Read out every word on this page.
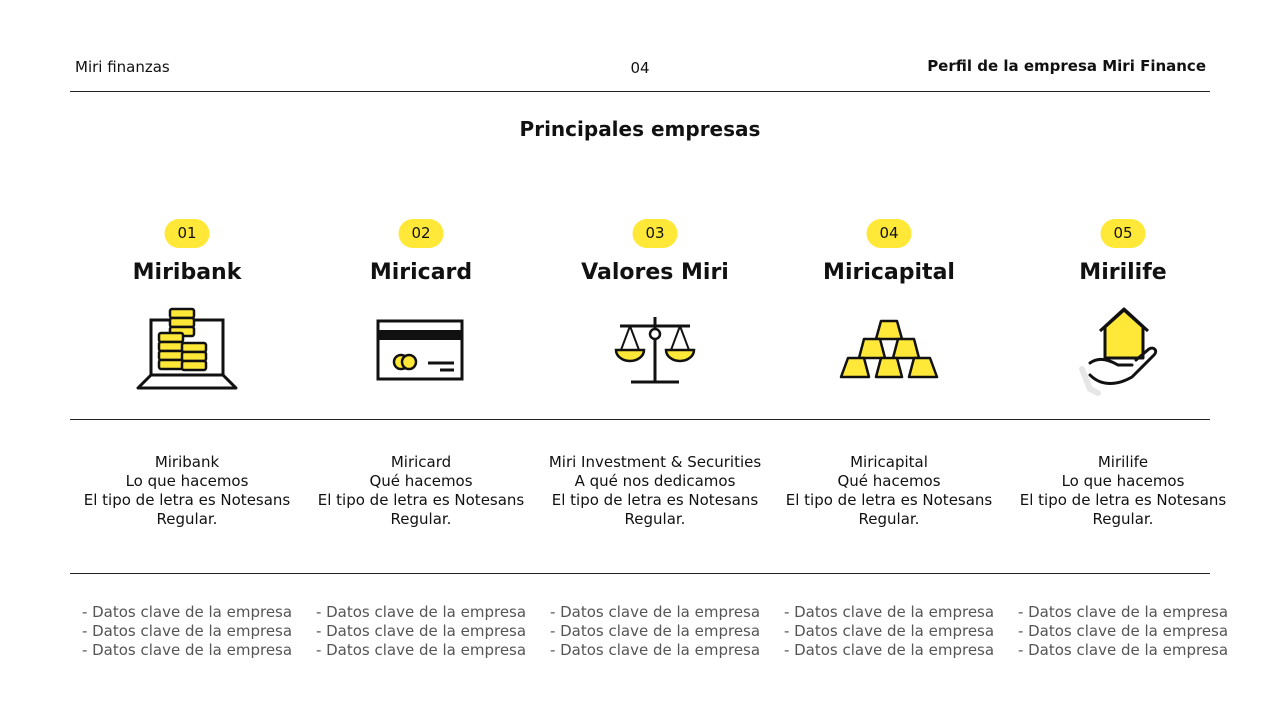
Miri finanzas	04	Perfil de la empresa Miri Finance
Principales empresas
01
Miribank
Miribank
Lo que hacemos
El tipo de letra es Notesans
Regular.
- Datos clave de la empresa
- Datos clave de la empresa
- Datos clave de la empresa
02
Miricard
Miricard
Qué hacemos
El tipo de letra es Notesans
Regular.
- Datos clave de la empresa
- Datos clave de la empresa
- Datos clave de la empresa
03
Valores Miri
Miri Investment & Securities
A qué nos dedicamos
El tipo de letra es Notesans
Regular.
- Datos clave de la empresa
- Datos clave de la empresa
- Datos clave de la empresa
04
Miricapital
Miricapital
Qué hacemos
El tipo de letra es Notesans
Regular.
- Datos clave de la empresa
- Datos clave de la empresa
- Datos clave de la empresa
05
Mirilife
Mirilife
Lo que hacemos
El tipo de letra es Notesans
Regular.
- Datos clave de la empresa
- Datos clave de la empresa
- Datos clave de la empresa
